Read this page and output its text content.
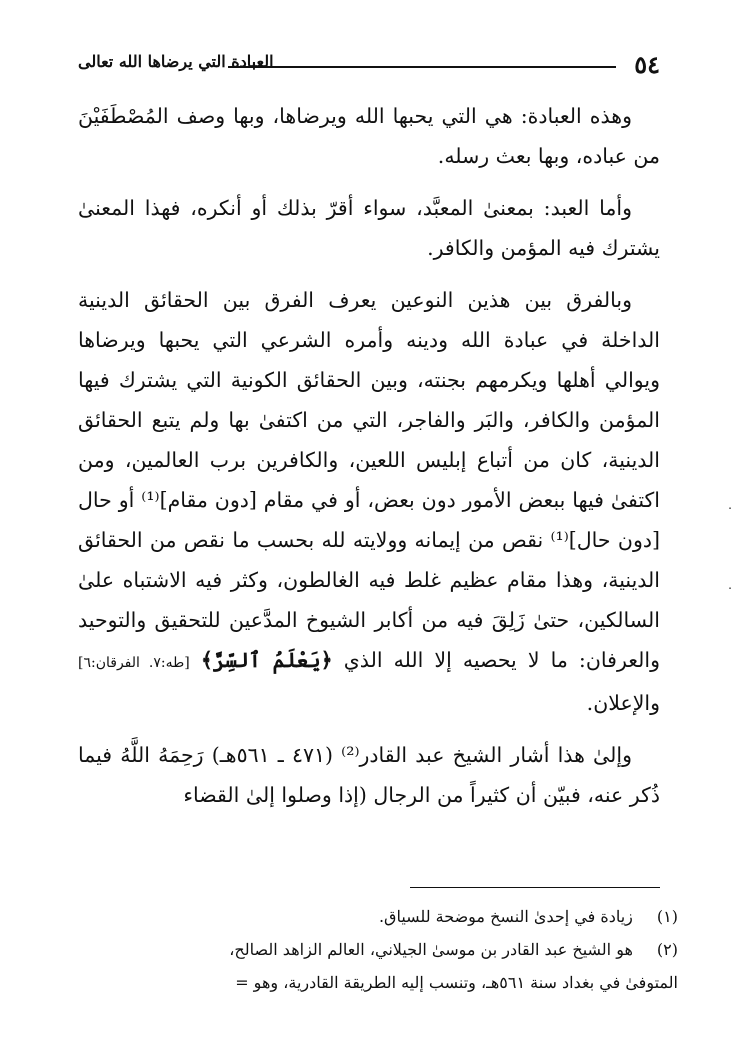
٥٤
العبادة التي يرضاها الله تعالى

وهذه العبادة: هي التي يحبها الله ويرضاها، وبها وصف المُصْطَفَيْنَ من عباده، وبها بعث رسله.

وأما العبد: بمعنىٰ المعبَّد، سواء أقرّ بذلك أو أنكره، فهذا المعنىٰ يشترك فيه المؤمن والكافر.

وبالفرق بين هذين النوعين يعرف الفرق بين الحقائق الدينية الداخلة في عبادة الله ودينه وأمره الشرعي التي يحبها ويرضاها ويوالي أهلها ويكرمهم بجنته، وبين الحقائق الكونية التي يشترك فيها المؤمن والكافر، والبَر والفاجر، التي من اكتفىٰ بها ولم يتبع الحقائق الدينية، كان من أتباع إبليس اللعين، والكافرين برب العالمين، ومن اكتفىٰ فيها ببعض الأمور دون بعض، أو في مقام [دون مقام]⁽¹⁾ أو حال [دون حال]⁽¹⁾ نقص من إيمانه وولايته لله بحسب ما نقص من الحقائق الدينية، وهذا مقام عظيم غلط فيه الغالطون، وكثر فيه الاشتباه علىٰ السالكين، حتىٰ زَلِقَ فيه من أكابر الشيوخ المدَّعين للتحقيق والتوحيد والعرفان: ما لا يحصيه إلا الله الذي ﴿يَعْلَمُ ٱلسِّرَّ﴾ [طه:٧. الفرقان:٦] والإعلان.

وإلىٰ هذا أشار الشيخ عبد القادر⁽²⁾ (٤٧١ ـ ٥٦١هـ) رَحِمَهُ اللَّهُ فيما ذُكر عنه، فبيّن أن كثيراً من الرجال (إذا وصلوا إلىٰ القضاء

(١) زيادة في إحدىٰ النسخ موضحة للسياق.

(٢) هو الشيخ عبد القادر بن موسىٰ الجيلاني، العالم الزاهد الصالح،

المتوفىٰ في بغداد سنة ٥٦١هـ، وتنسب إليه الطريقة القادرية، وهو =

.
.
